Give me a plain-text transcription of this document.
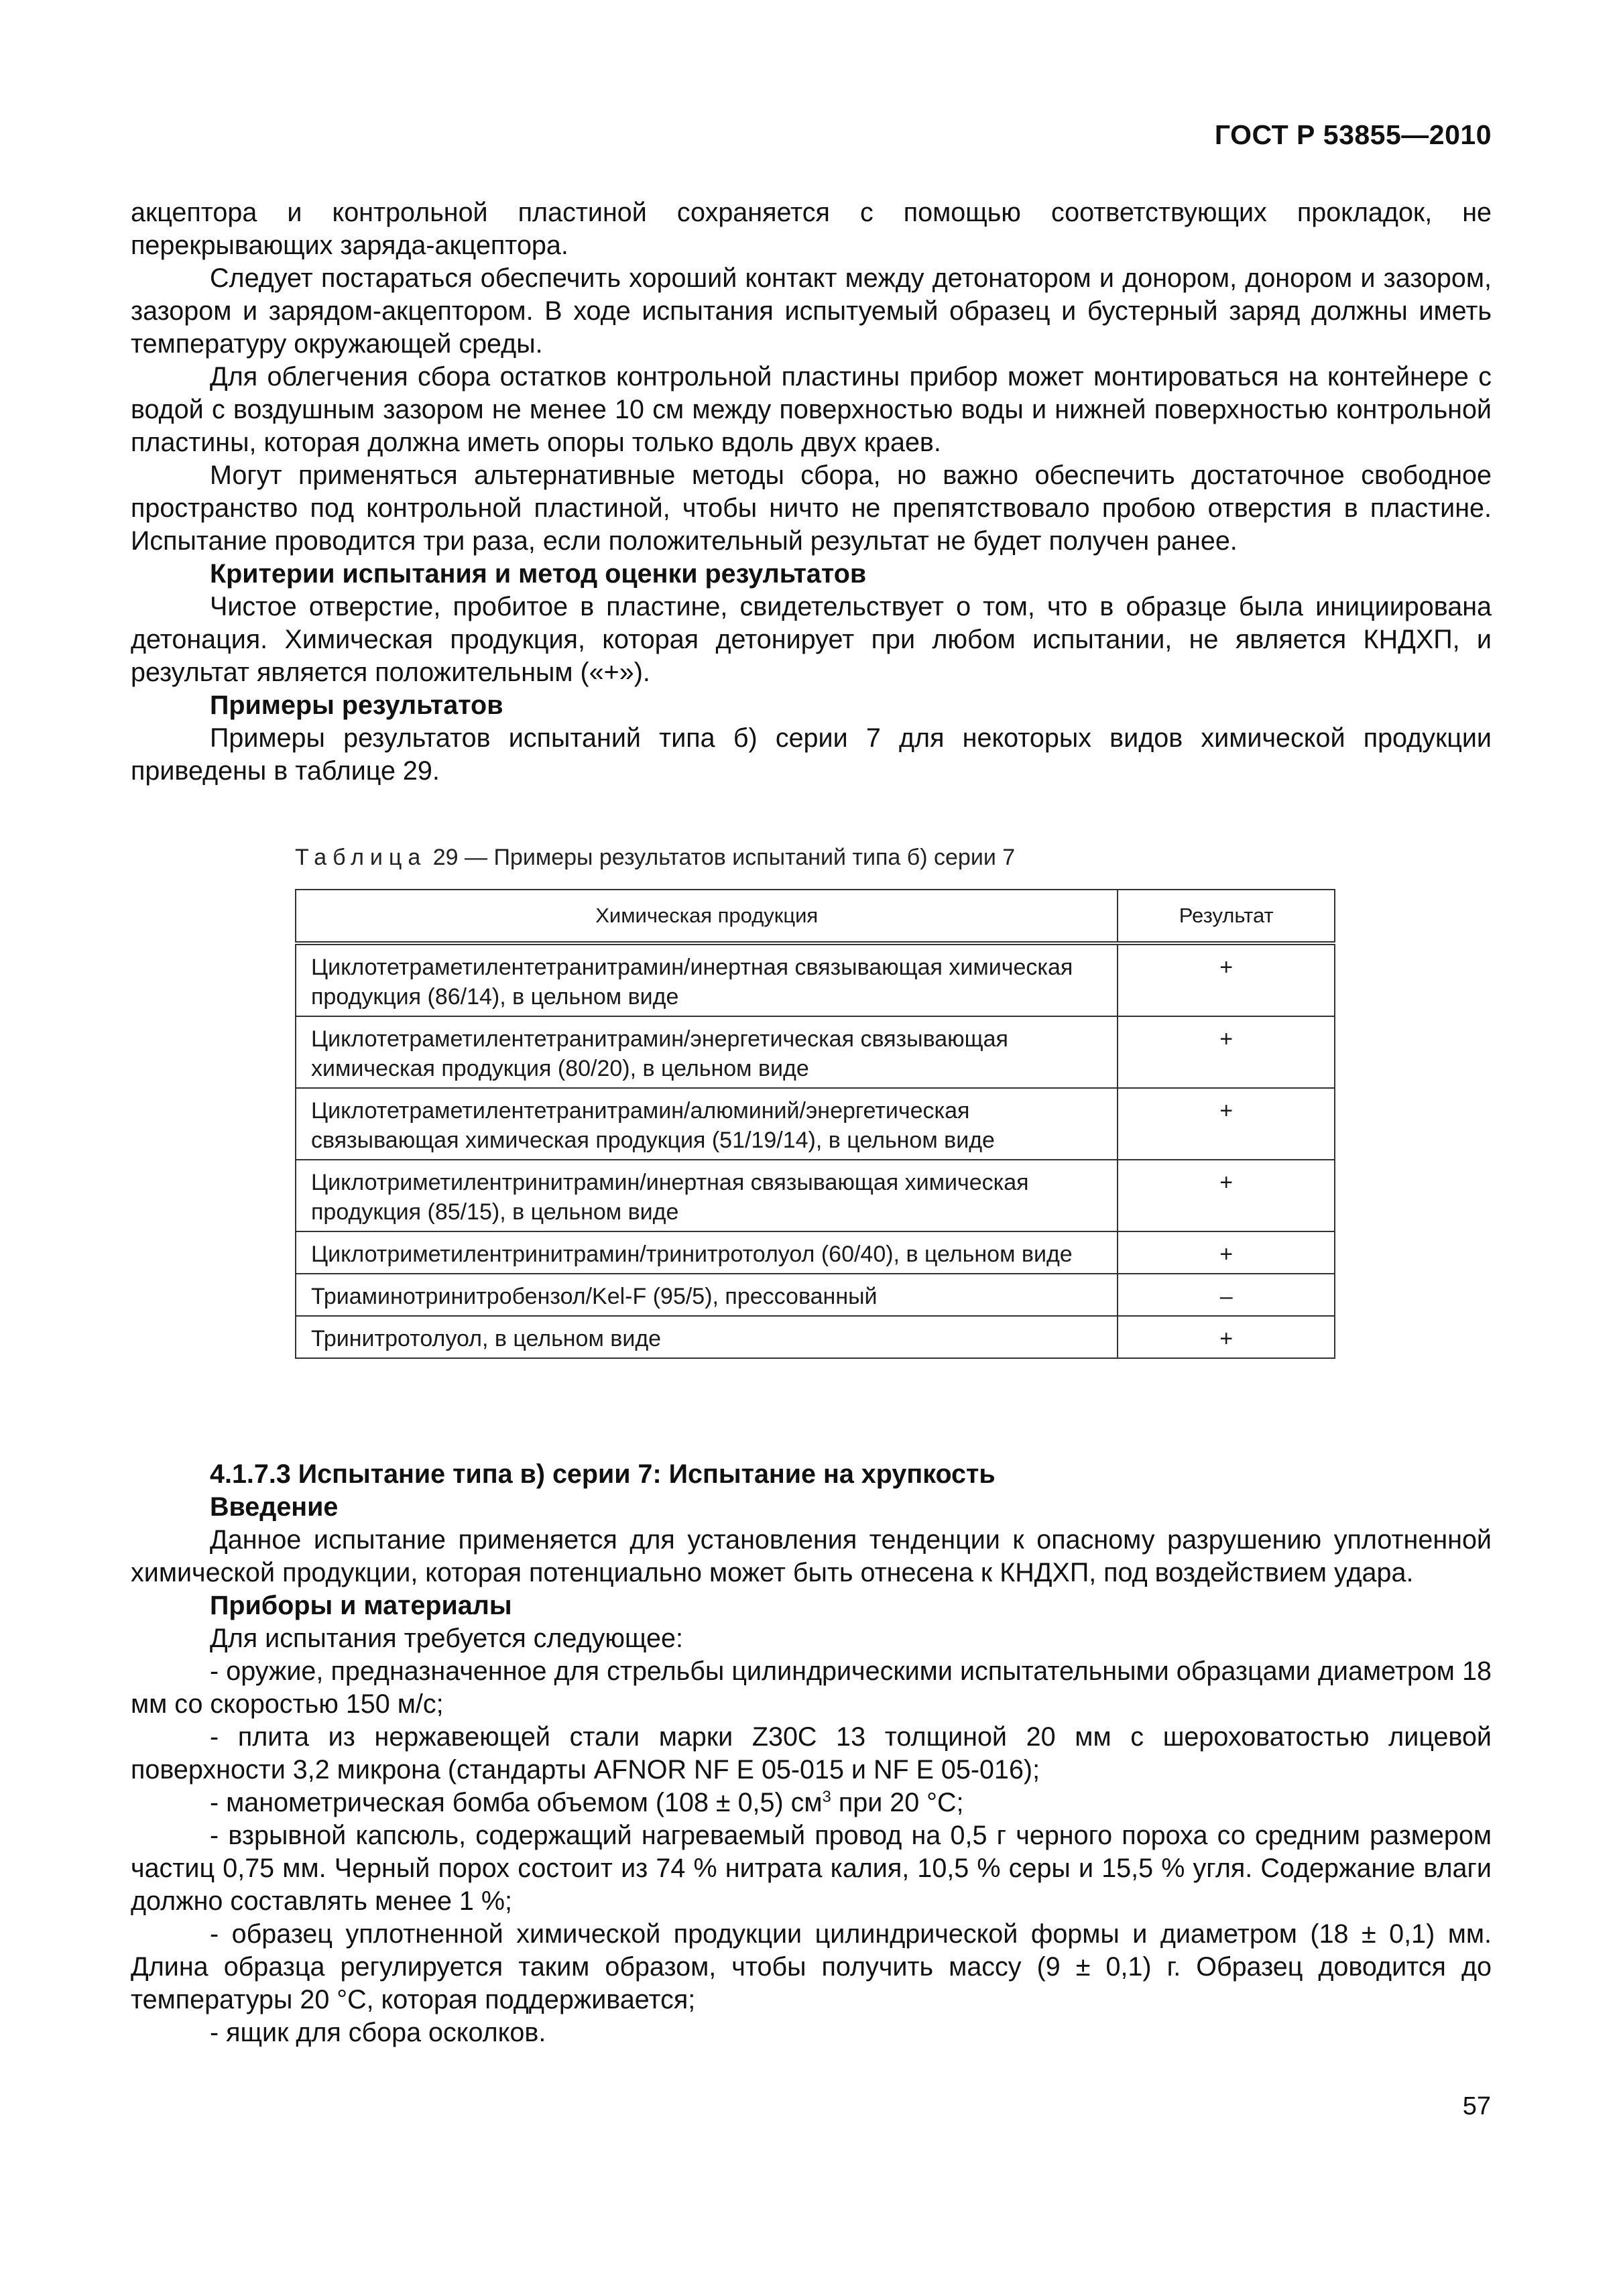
ГОСТ Р 53855—2010

акцептора и контрольной пластиной сохраняется с помощью соответствующих прокладок, не перекрывающих заряда-акцептора.

Следует постараться обеспечить хороший контакт между детонатором и донором, донором и зазором, зазором и зарядом-акцептором. В ходе испытания испытуемый образец и бустерный заряд должны иметь температуру окружающей среды.

Для облегчения сбора остатков контрольной пластины прибор может монтироваться на контейнере с водой с воздушным зазором не менее 10 см между поверхностью воды и нижней поверхностью контрольной пластины, которая должна иметь опоры только вдоль двух краев.

Могут применяться альтернативные методы сбора, но важно обеспечить достаточное свободное пространство под контрольной пластиной, чтобы ничто не препятствовало пробою отверстия в пластине. Испытание проводится три раза, если положительный результат не будет получен ранее.

Критерии испытания и метод оценки результатов

Чистое отверстие, пробитое в пластине, свидетельствует о том, что в образце была инициирована детонация. Химическая продукция, которая детонирует при любом испытании, не является КНДХП, и результат является положительным («+»).

Примеры результатов

Примеры результатов испытаний типа б) серии 7 для некоторых видов химической продукции приведены в таблице 29.

Таблица 29 — Примеры результатов испытаний типа б) серии 7
Химическая продукция	Результат
Циклотетраметилентетранитрамин/инертная связывающая химическая продукция (86/14), в цельном виде	+
Циклотетраметилентетранитрамин/энергетическая связывающая химическая продукция (80/20), в цельном виде	+
Циклотетраметилентетранитрамин/алюминий/энергетическая связывающая химическая продукция (51/19/14), в цельном виде	+
Циклотриметилентринитрамин/инертная связывающая химическая продукция (85/15), в цельном виде	+
Циклотриметилентринитрамин/тринитротолуол (60/40), в цельном виде	+
Триаминотринитробензол/Kel-F (95/5), прессованный	–
Тринитротолуол, в цельном виде	+
4.1.7.3 Испытание типа в) серии 7: Испытание на хрупкость
Введение

Данное испытание применяется для установления тенденции к опасному разрушению уплотненной химической продукции, которая потенциально может быть отнесена к КНДХП, под воздействием удара.

Приборы и материалы

Для испытания требуется следующее:

- оружие, предназначенное для стрельбы цилиндрическими испытательными образцами диаметром 18 мм со скоростью 150 м/с;

- плита из нержавеющей стали марки Z30C 13 толщиной 20 мм с шероховатостью лицевой поверхности 3,2 микрона (стандарты AFNOR NF E 05-015 и NF E 05-016);

- манометрическая бомба объемом (108 ± 0,5) $см^3$ при 20 °С;

- взрывной капсюль, содержащий нагреваемый провод на 0,5 г черного пороха со средним размером частиц 0,75 мм. Черный порох состоит из 74 % нитрата калия, 10,5 % серы и 15,5 % угля. Содержание влаги должно составлять менее 1 %;

- образец уплотненной химической продукции цилиндрической формы и диаметром (18 ± 0,1) мм. Длина образца регулируется таким образом, чтобы получить массу (9 ± 0,1) г. Образец доводится до температуры 20 °С, которая поддерживается;

- ящик для сбора осколков.

57
